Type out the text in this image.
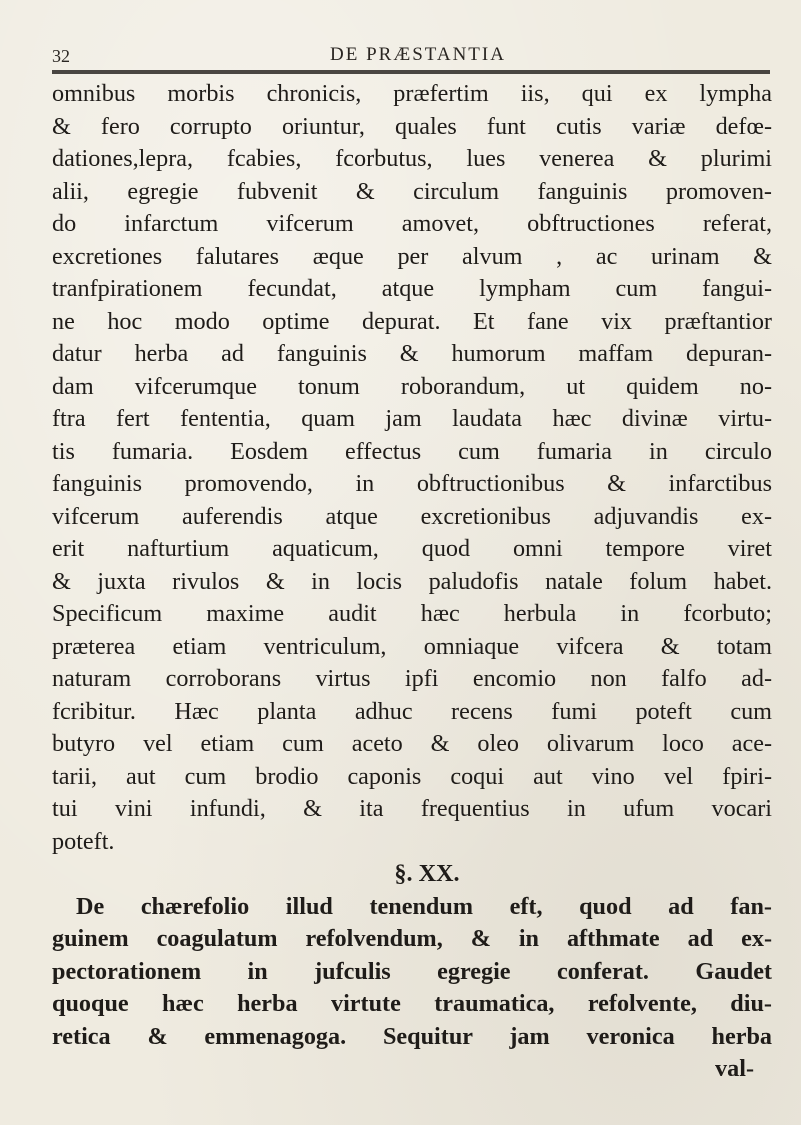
32	DE PRÆSTANTIA
omnibus morbis chronicis, præfertim iis, qui ex lympha
& fero corrupto oriuntur, quales funt cutis variæ defœ-
dationes,lepra, fcabies, fcorbutus, lues venerea & plurimi
alii, egregie fubvenit & circulum fanguinis promoven-
do infarctum vifcerum amovet, obftructiones referat,
excretiones falutares æque per alvum , ac urinam &
tranfpirationem fecundat, atque lympham cum fangui-
ne hoc modo optime depurat. Et fane vix præftantior
datur herba ad fanguinis & humorum maffam depuran-
dam vifcerumque tonum roborandum, ut quidem no-
ftra fert fententia, quam jam laudata hæc divinæ virtu-
tis fumaria. Eosdem effectus cum fumaria in circulo
fanguinis promovendo, in obftructionibus & infarctibus
vifcerum auferendis atque excretionibus adjuvandis ex-
erit nafturtium aquaticum, quod omni tempore viret
& juxta rivulos & in locis paludofis natale folum habet.
Specificum maxime audit hæc herbula in fcorbuto;
præterea etiam ventriculum, omniaque vifcera & totam
naturam corroborans virtus ipfi encomio non falfo ad-
fcribitur. Hæc planta adhuc recens fumi poteft cum
butyro vel etiam cum aceto & oleo olivarum loco ace-
tarii, aut cum brodio caponis coqui aut vino vel fpiri-
tui vini infundi, & ita frequentius in ufum vocari
poteft.
§. XX.
De chærefolio illud tenendum eft, quod ad fan-
guinem coagulatum refolvendum, & in afthmate ad ex-
pectorationem in jufculis egregie conferat. Gaudet
quoque hæc herba virtute traumatica, refolvente, diu-
retica & emmenagoga. Sequitur jam veronica herba
val-
